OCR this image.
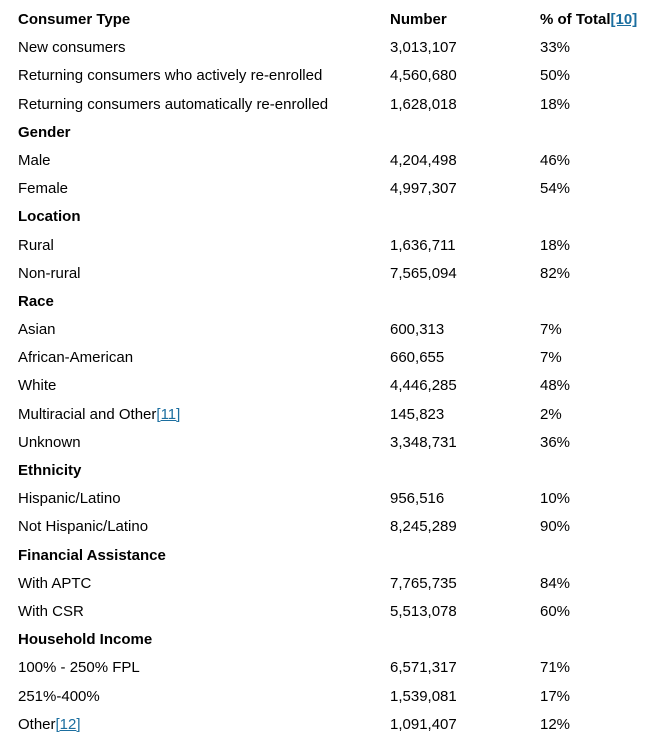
Consumer Type	Number	% of Total[10]
New consumers	3,013,107	33%
Returning consumers who actively re-enrolled	4,560,680	50%
Returning consumers automatically re-enrolled	1,628,018	18%
Gender
Male	4,204,498	46%
Female	4,997,307	54%
Location
Rural	1,636,711	18%
Non-rural	7,565,094	82%
Race
Asian	600,313	7%
African-American	660,655	7%
White	4,446,285	48%
Multiracial and Other[11]	145,823	2%
Unknown	3,348,731	36%
Ethnicity
Hispanic/Latino	956,516	10%
Not Hispanic/Latino	8,245,289	90%
Financial Assistance
With APTC	7,765,735	84%
With CSR	5,513,078	60%
Household Income
100% - 250% FPL	6,571,317	71%
251%-400%	1,539,081	17%
Other[12]	1,091,407	12%
